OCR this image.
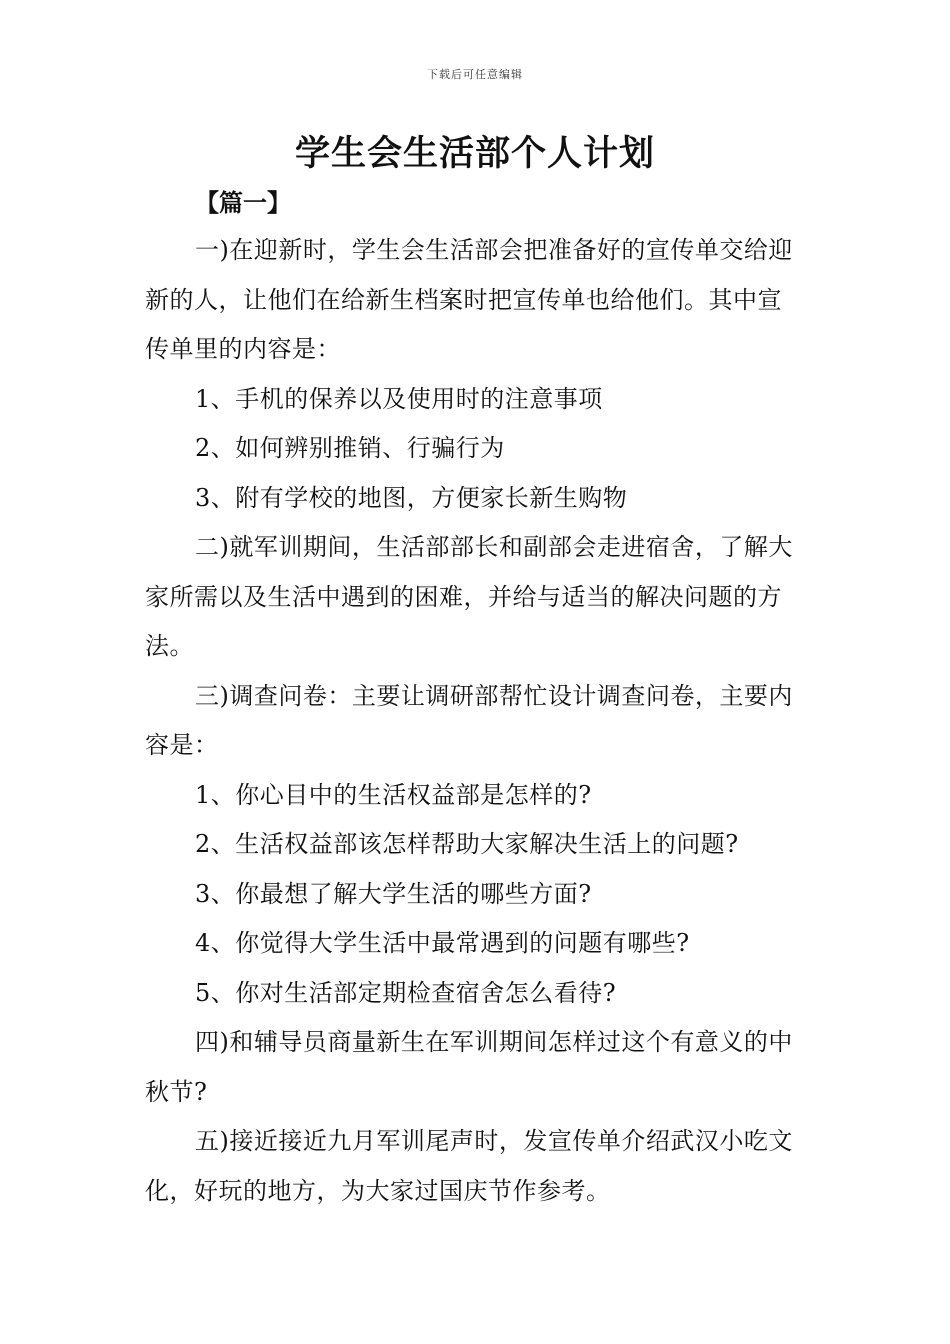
下载后可任意编辑
学生会生活部个人计划
【篇一】

一)在迎新时，学生会生活部会把准备好的宣传单交给迎新的人，让他们在给新生档案时把宣传单也给他们。其中宣传单里的内容是：

1、手机的保养以及使用时的注意事项

2、如何辨别推销、行骗行为

3、附有学校的地图，方便家长新生购物

二)就军训期间，生活部部长和副部会走进宿舍，了解大家所需以及生活中遇到的困难，并给与适当的解决问题的方法。

三)调查问卷：主要让调研部帮忙设计调查问卷，主要内容是：

1、你心目中的生活权益部是怎样的?

2、生活权益部该怎样帮助大家解决生活上的问题?

3、你最想了解大学生活的哪些方面?

4、你觉得大学生活中最常遇到的问题有哪些?

5、你对生活部定期检查宿舍怎么看待?

四)和辅导员商量新生在军训期间怎样过这个有意义的中秋节?

五)接近接近九月军训尾声时，发宣传单介绍武汉小吃文化，好玩的地方，为大家过国庆节作参考。
